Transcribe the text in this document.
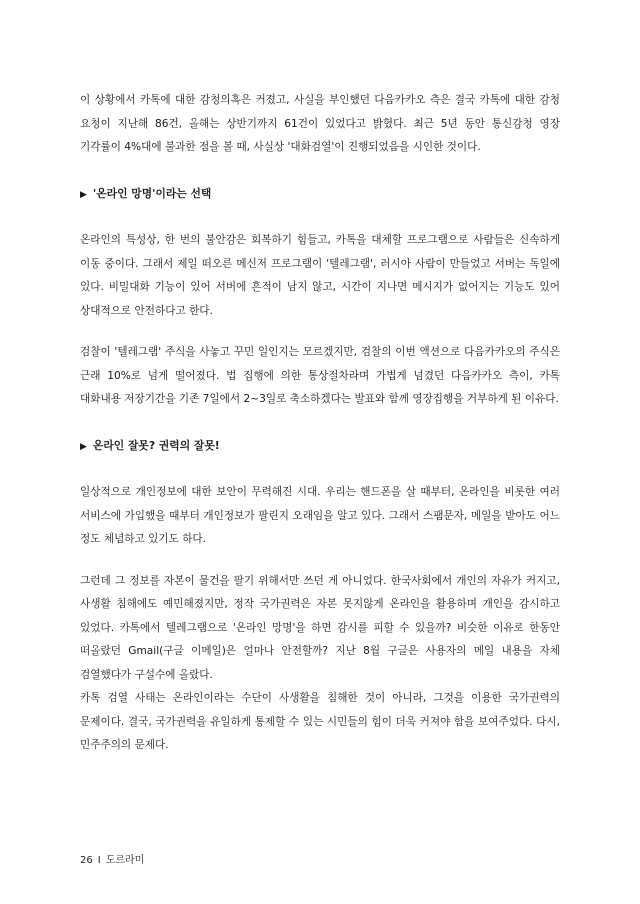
이 상황에서 카톡에 대한 감청의혹은 커졌고, 사실을 부인했던 다음카카오 측은 결국 카톡에 대한 감청 요청이 지난해 86건, 올해는 상반기까지 61건이 있었다고 밝혔다. 최근 5년 동안 통신감청 영장 기각률이 4%대에 불과한 점을 볼 때, 사실상 '대화검열'이 진행되었음을 시인한 것이다.

▶ '온라인 망명'이라는 선택

온라인의 특성상, 한 번의 불안감은 회복하기 힘들고, 카톡을 대체할 프로그램으로 사람들은 신속하게 이동 중이다. 그래서 제일 떠오른 메신저 프로그램이 '텔레그램', 러시아 사람이 만들었고 서버는 독일에 있다. 비밀대화 기능이 있어 서버에 흔적이 남지 않고, 시간이 지나면 메시지가 없어지는 기능도 있어 상대적으로 안전하다고 한다.

검찰이 '텔레그램' 주식을 사놓고 꾸민 일인지는 모르겠지만, 검찰의 이번 액션으로 다음카카오의 주식은 근래 10%로 넘게 떨어졌다. 법 집행에 의한 통상절차라며 가볍게 넘겼던 다음카카오 측이, 카톡 대화내용 저장기간을 기존 7일에서 2~3일로 축소하겠다는 발표와 함께 영장집행을 거부하게 된 이유다.

▶ 온라인 잘못? 권력의 잘못!

일상적으로 개인정보에 대한 보안이 무력해진 시대. 우리는 핸드폰을 살 때부터, 온라인을 비롯한 여러 서비스에 가입했을 때부터 개인정보가 팔린지 오래임을 알고 있다. 그래서 스팸문자, 메일을 받아도 어느 정도 체념하고 있기도 하다.

그런데 그 정보를 자본이 물건을 팔기 위해서만 쓰던 게 아니었다. 한국사회에서 개인의 자유가 커지고, 사생활 침해에도 예민해졌지만, 정작 국가권력은 자본 못지않게 온라인을 활용하며 개인을 감시하고 있었다. 카톡에서 텔레그램으로 '온라인 망명'을 하면 감시를 피할 수 있을까? 비슷한 이유로 한동안 떠올랐던 Gmail(구글 이메일)은 얼마나 안전할까? 지난 8월 구글은 사용자의 메일 내용을 자체 검열했다가 구설수에 올랐다.

카톡 검열 사태는 온라인이라는 수단이 사생활을 침해한 것이 아니라, 그것을 이용한 국가권력의 문제이다. 결국, 국가권력을 유일하게 통제할 수 있는 시민들의 힘이 더욱 커져야 함을 보여주었다. 다시, 민주주의의 문제다.

26 I 도르라미
